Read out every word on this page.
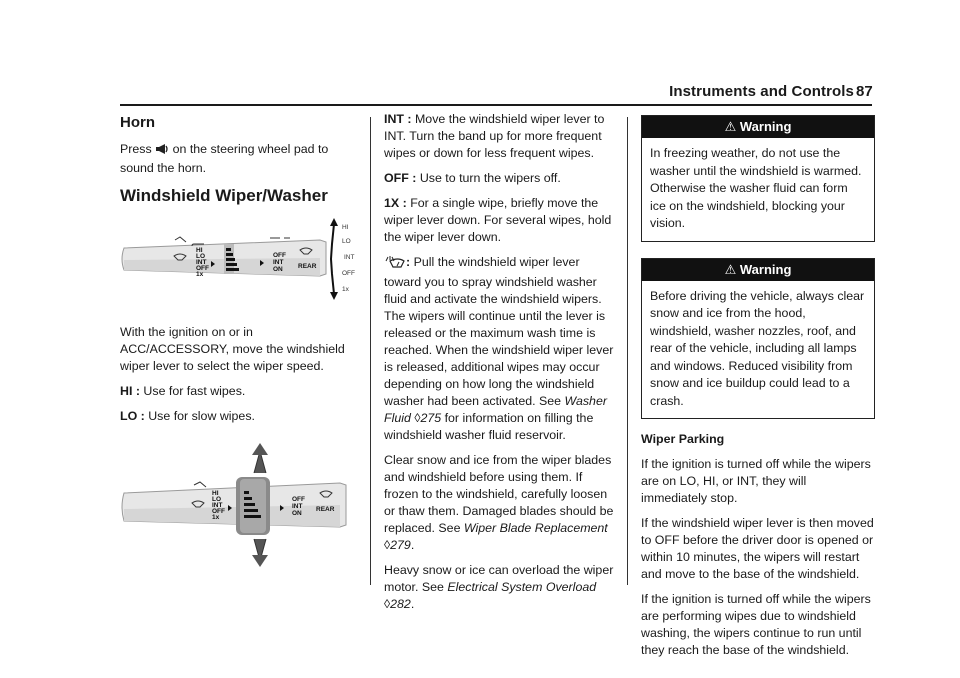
Instruments and Controls 87
Horn

Press on the steering wheel pad to sound the horn.

Windshield Wiper/Washer
HI
LO
INT
OFF
1x
OFF
INT
ON REAR
HI
LO
INT
OFF
1x

With the ignition on or in ACC/ACCESSORY, move the windshield wiper lever to select the wiper speed.

HI : Use for fast wipes.

LO : Use for slow wipes.

HI
LO
INT
OFF
1x
OFF
INT
ON
REAR

INT : Move the windshield wiper lever to INT. Turn the band up for more frequent wipes or down for less frequent wipes.

OFF : Use to turn the wipers off.

1X : For a single wipe, briefly move the wiper lever down. For several wipes, hold the wiper lever down.

: Pull the windshield wiper lever toward you to spray windshield washer fluid and activate the windshield wipers. The wipers will continue until the lever is released or the maximum wash time is reached. When the windshield wiper lever is released, additional wipes may occur depending on how long the windshield washer had been activated. See Washer Fluid ◊275 for information on filling the windshield washer fluid reservoir.

Clear snow and ice from the wiper blades and windshield before using them. If frozen to the windshield, carefully loosen or thaw them. Damaged blades should be replaced. See Wiper Blade Replacement ◊279.

Heavy snow or ice can overload the wiper motor. See Electrical System Overload ◊282.

⚠ Warning
In freezing weather, do not use the washer until the windshield is warmed. Otherwise the washer fluid can form ice on the windshield, blocking your vision.
⚠ Warning
Before driving the vehicle, always clear snow and ice from the hood, windshield, washer nozzles, roof, and rear of the vehicle, including all lamps and windows. Reduced visibility from snow and ice buildup could lead to a crash.

Wiper Parking

If the ignition is turned off while the wipers are on LO, HI, or INT, they will immediately stop.

If the windshield wiper lever is then moved to OFF before the driver door is opened or within 10 minutes, the wipers will restart and move to the base of the windshield.

If the ignition is turned off while the wipers are performing wipes due to windshield washing, the wipers continue to run until they reach the base of the windshield.
